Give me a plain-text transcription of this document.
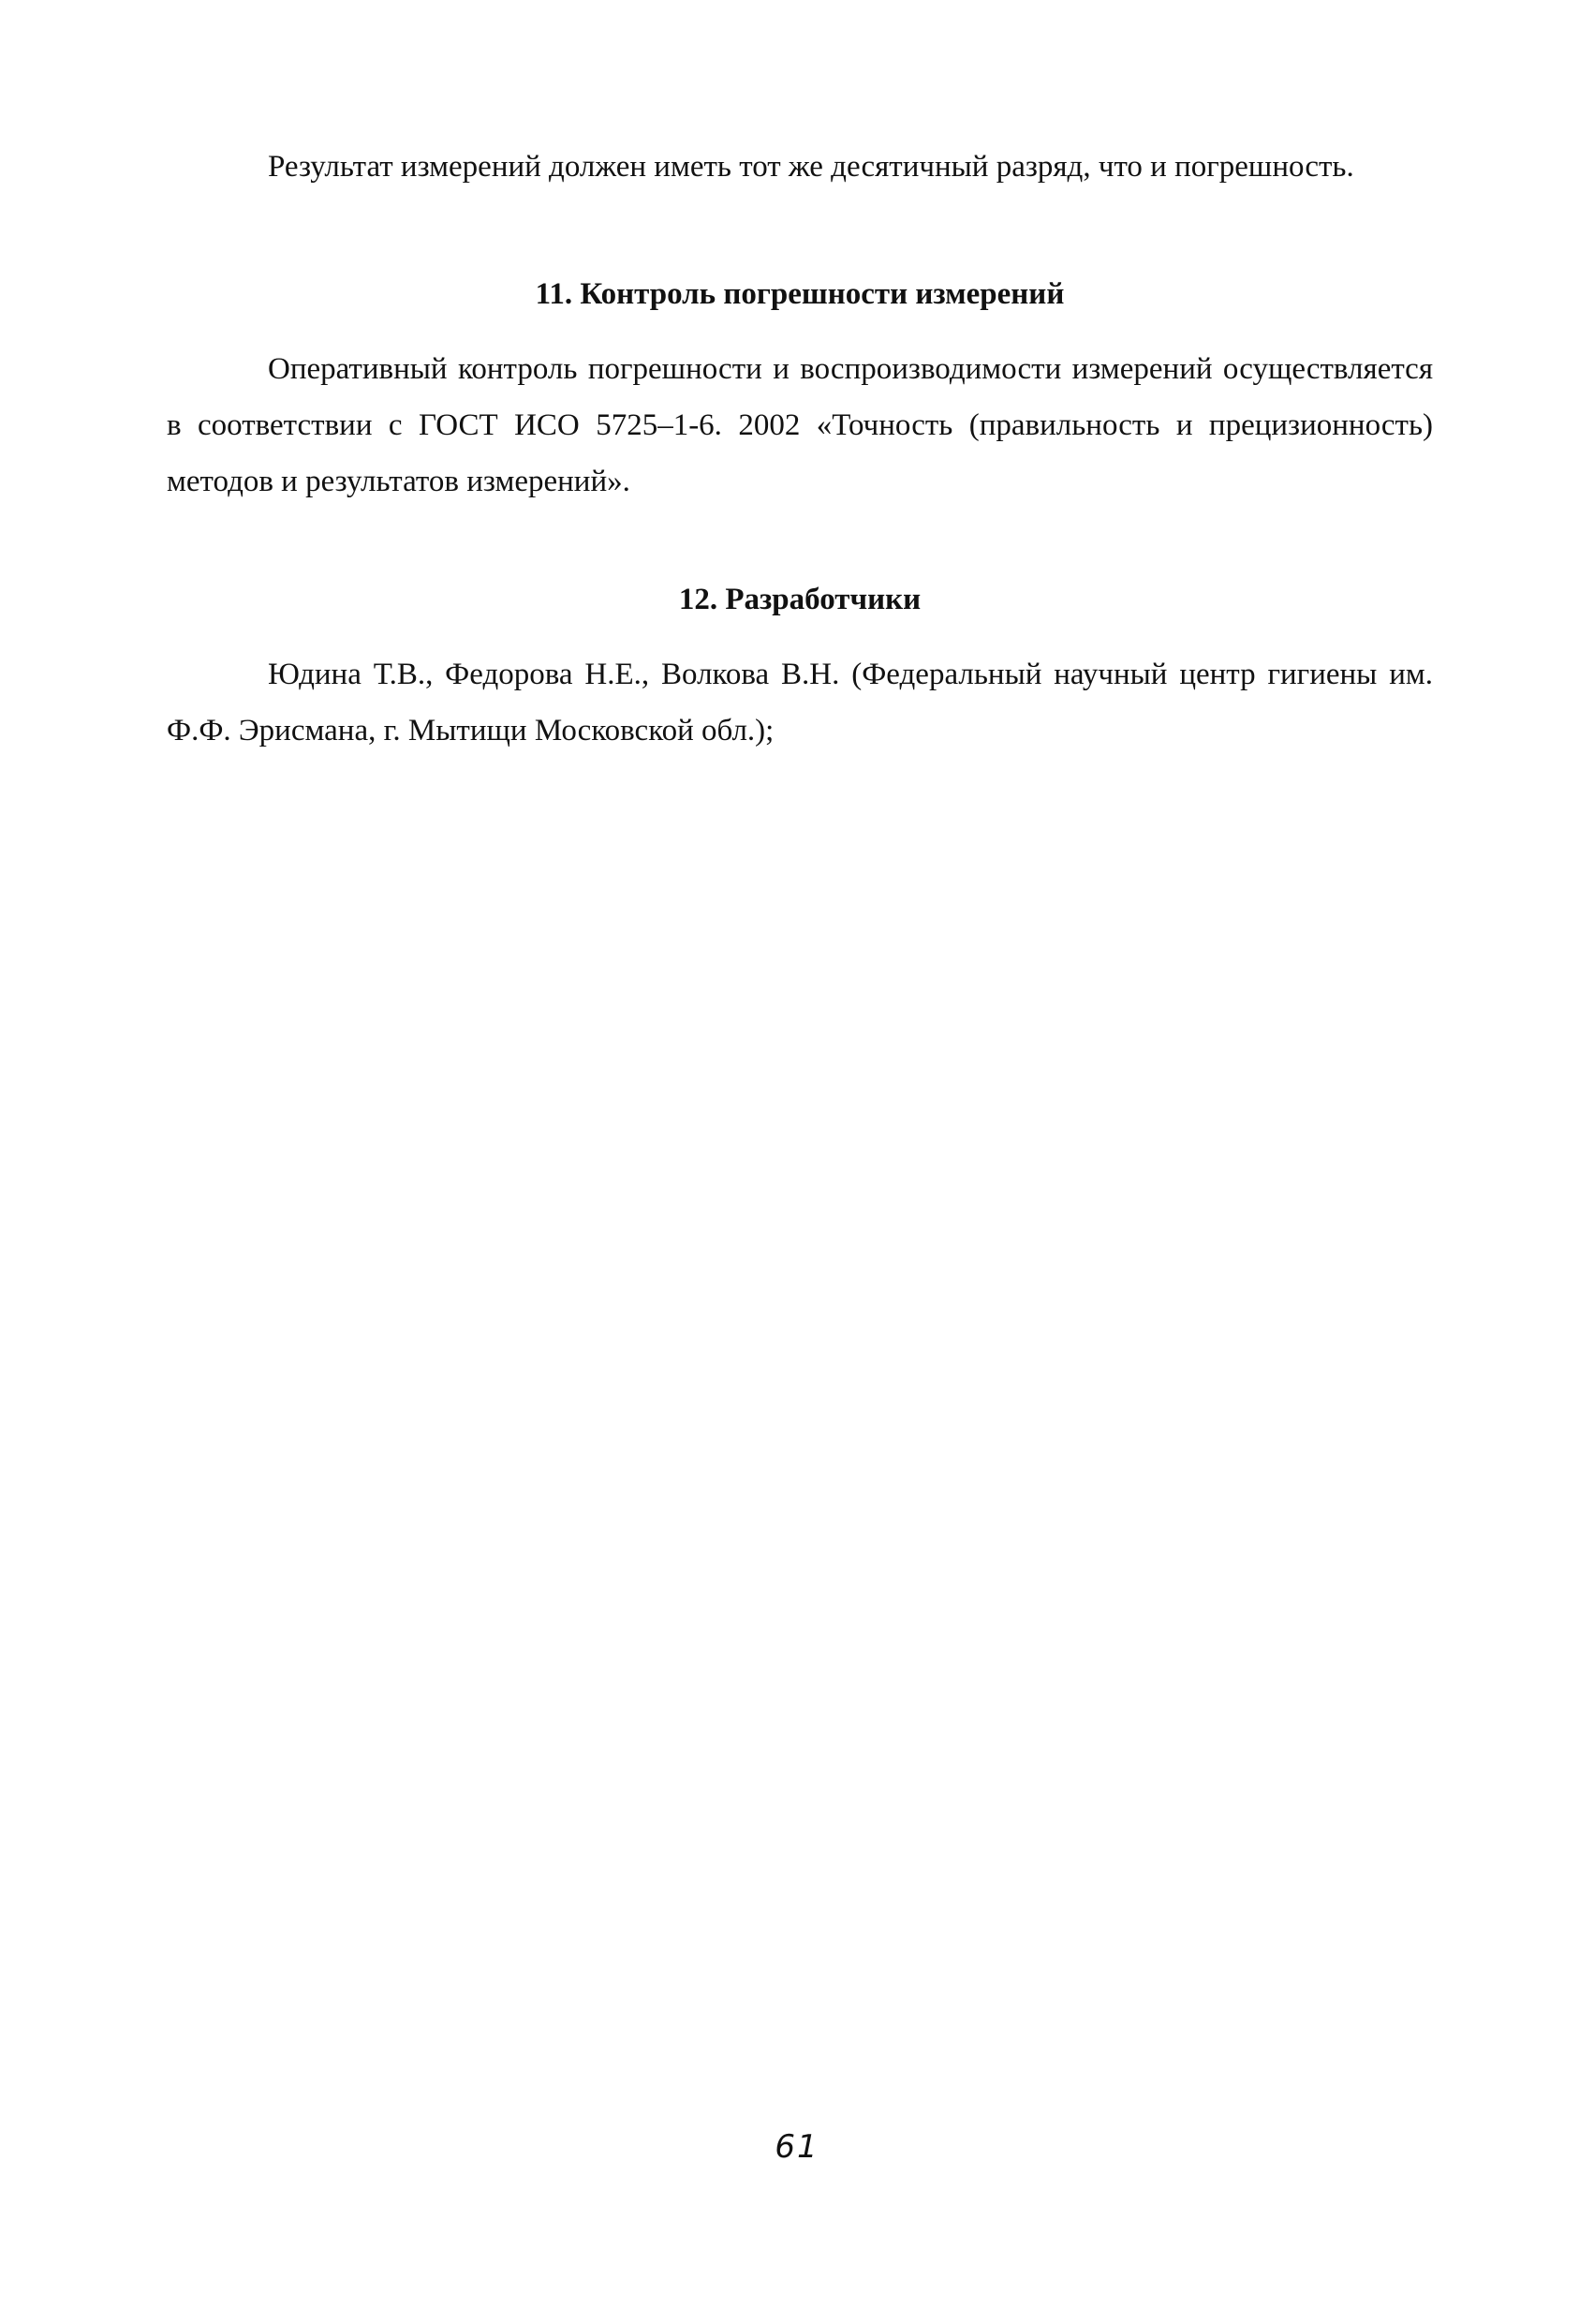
Результат измерений должен иметь тот же десятичный разряд, что и погрешность.

11. Контроль погрешности измерений

Оперативный контроль погрешности и воспроизводимости измерений осуществляется в соответствии с ГОСТ ИСО 5725–1-6. 2002 «Точность (правильность и прецизионность) методов и результатов измерений».

12. Разработчики

Юдина Т.В., Федорова Н.Е., Волкова В.Н. (Федеральный научный центр гигиены им. Ф.Ф. Эрисмана, г. Мытищи Московской обл.);

61
